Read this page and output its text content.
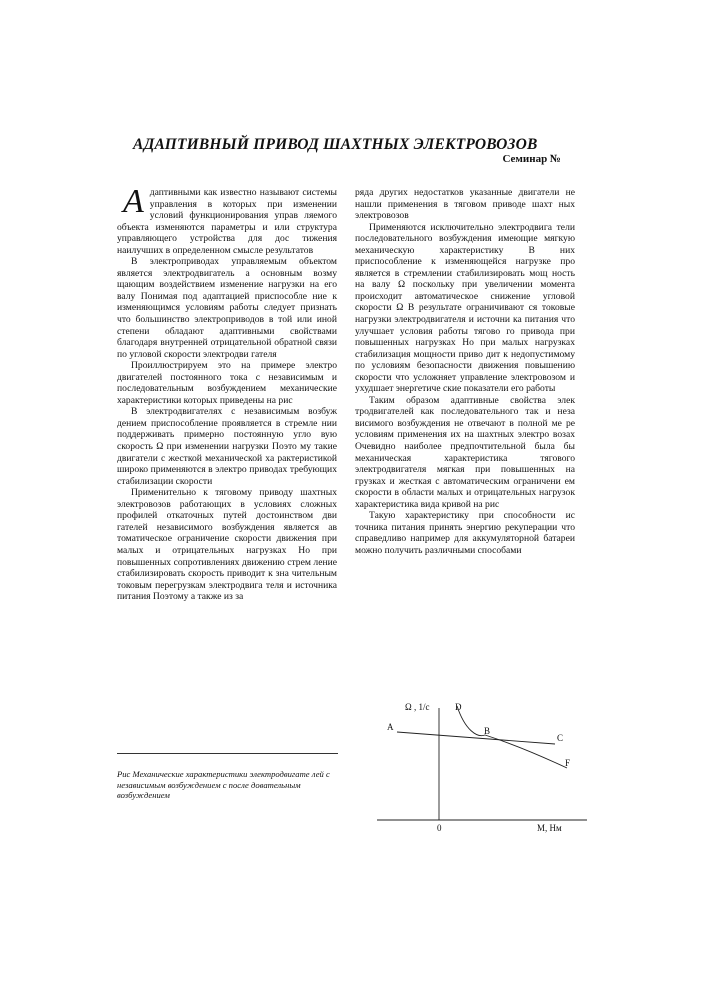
АДАПТИВНЫЙ ПРИВОД ШАХТНЫХ ЭЛЕКТРОВОЗОВ
Семинар №

Адаптивными как известно называют системы управления в которых при изменении условий функционирования управ ляемого объекта изменяются параметры и или структура управляющего устройства для дос тижения наилучших в определенном смысле результатов

В электроприводах управляемым объектом является электродвигатель а основным возму щающим воздействием изменение нагрузки на его валу Понимая под адаптацией приспособле ние к изменяющимся условиям работы следует признать что большинство электроприводов в той или иной степени обладают адаптивными свойствами благодаря внутренней отрицательной обратной связи по угловой скорости электродви гателя

Проиллюстрируем это на примере электро двигателей постоянного тока с независимым и последовательным возбуждением механические характеристики которых приведены на рис

В электродвигателях с независимым возбуж дением приспособление проявляется в стремле нии поддерживать примерно постоянную угло вую скорость Ω при изменении нагрузки Поэто му такие двигатели с жесткой механической ха рактеристикой широко применяются в электро приводах требующих стабилизации скорости

Применительно к тяговому приводу шахтных электровозов работающих в условиях сложных профилей откаточных путей достоинством дви гателей независимого возбуждения является ав томатическое ограничение скорости движения при малых и отрицательных нагрузках Но при повышенных сопротивлениях движению стрем ление стабилизировать скорость приводит к зна чительным токовым перегрузкам электродвига теля и источника питания Поэтому а также из за

ряда других недостатков указанные двигатели не нашли применения в тяговом приводе шахт ных электровозов

Применяются исключительно электродвига тели последовательного возбуждения имеющие мягкую механическую характеристику В них приспособление к изменяющейся нагрузке про является в стремлении стабилизировать мощ ность на валу Ω поскольку при увеличении момента происходит автоматическое снижение угловой скорости Ω В результате ограничивают ся токовые нагрузки электродвигателя и источни ка питания что улучшает условия работы тягово го привода при повышенных нагрузках Но при малых нагрузках стабилизация мощности приво дит к недопустимому по условиям безопасности движения повышению скорости что усложняет управление электровозом и ухудшает энергетиче ские показатели его работы

Таким образом адаптивные свойства элек тродвигателей как последовательного так и неза висимого возбуждения не отвечают в полной ме ре условиям применения их на шахтных электро возах Очевидно наиболее предпочтительной была бы механическая характеристика тягового электродвигателя мягкая при повышенных на грузках и жесткая с автоматическим ограничени ем скорости в области малых и отрицательных нагрузок характеристика вида кривой на рис

Такую характеристику при способности ис точника питания принять энергию рекуперации что справедливо например для аккумуляторной батареи можно получить различными способами

Рис Механические характеристики электродвигате лей с независимым возбуждением с после довательным возбуждением
A	B
C
D
F
Ω , 1/c
0	M, Нм
